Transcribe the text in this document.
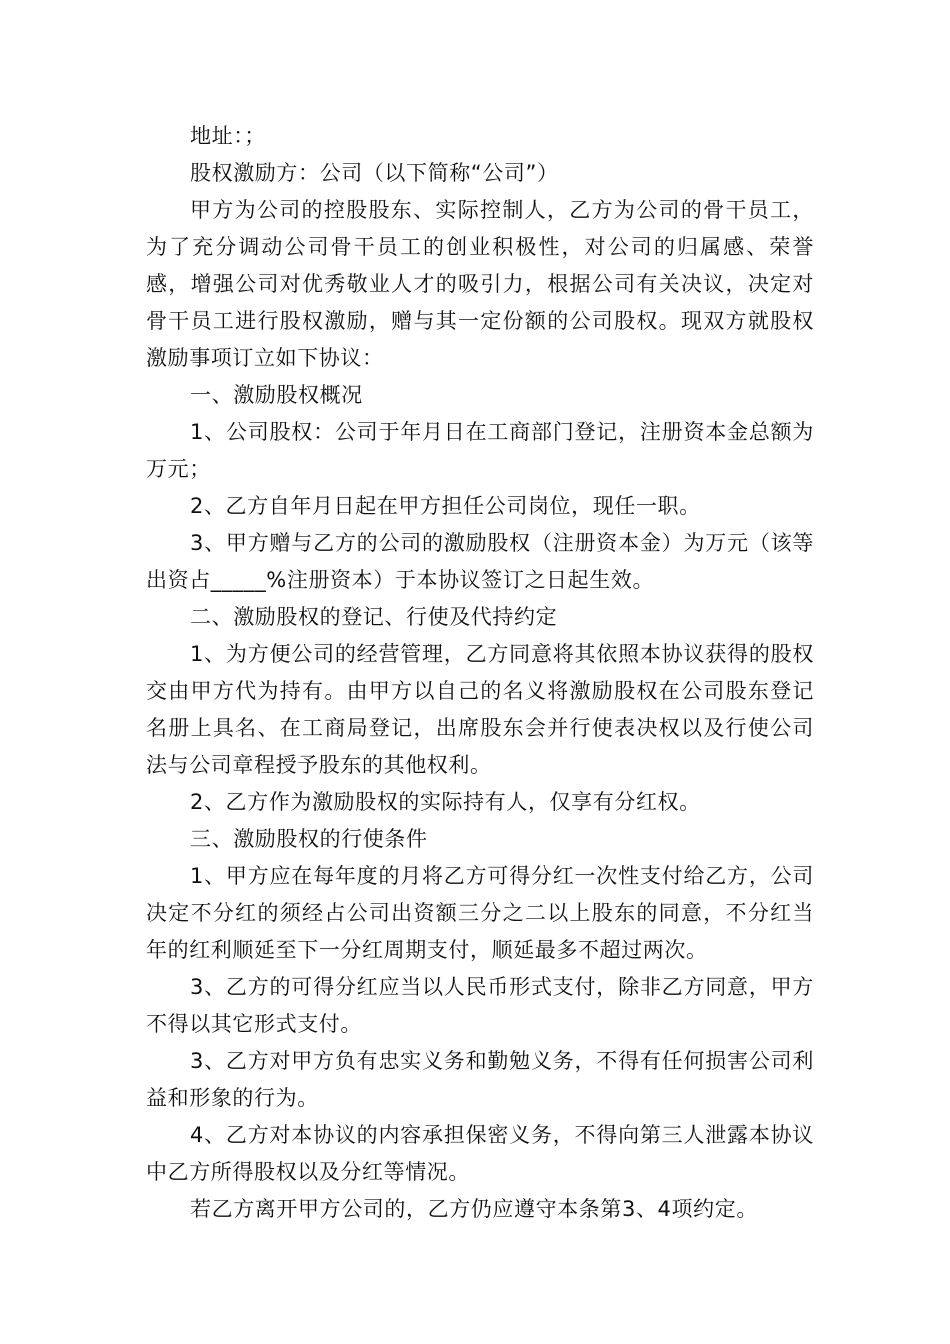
地址：；

股权激励方：公司（以下简称“公司”）

甲方为公司的控股股东、实际控制人，乙方为公司的骨干员工，为了充分调动公司骨干员工的创业积极性，对公司的归属感、荣誉感，增强公司对优秀敬业人才的吸引力，根据公司有关决议，决定对骨干员工进行股权激励，赠与其一定份额的公司股权。现双方就股权激励事项订立如下协议：

一、激励股权概况

1、公司股权：公司于年月日在工商部门登记，注册资本金总额为万元；

2、乙方自年月日起在甲方担任公司岗位，现任一职。

3、甲方赠与乙方的公司的激励股权（注册资本金）为万元（该等出资占_____%注册资本）于本协议签订之日起生效。

二、激励股权的登记、行使及代持约定

1、为方便公司的经营管理，乙方同意将其依照本协议获得的股权交由甲方代为持有。由甲方以自己的名义将激励股权在公司股东登记名册上具名、在工商局登记，出席股东会并行使表决权以及行使公司法与公司章程授予股东的其他权利。

2、乙方作为激励股权的实际持有人，仅享有分红权。

三、激励股权的行使条件

1、甲方应在每年度的月将乙方可得分红一次性支付给乙方，公司决定不分红的须经占公司出资额三分之二以上股东的同意，不分红当年的红利顺延至下一分红周期支付，顺延最多不超过两次。

3、乙方的可得分红应当以人民币形式支付，除非乙方同意，甲方不得以其它形式支付。

3、乙方对甲方负有忠实义务和勤勉义务，不得有任何损害公司利益和形象的行为。

4、乙方对本协议的内容承担保密义务，不得向第三人泄露本协议中乙方所得股权以及分红等情况。

若乙方离开甲方公司的，乙方仍应遵守本条第3、4项约定。
